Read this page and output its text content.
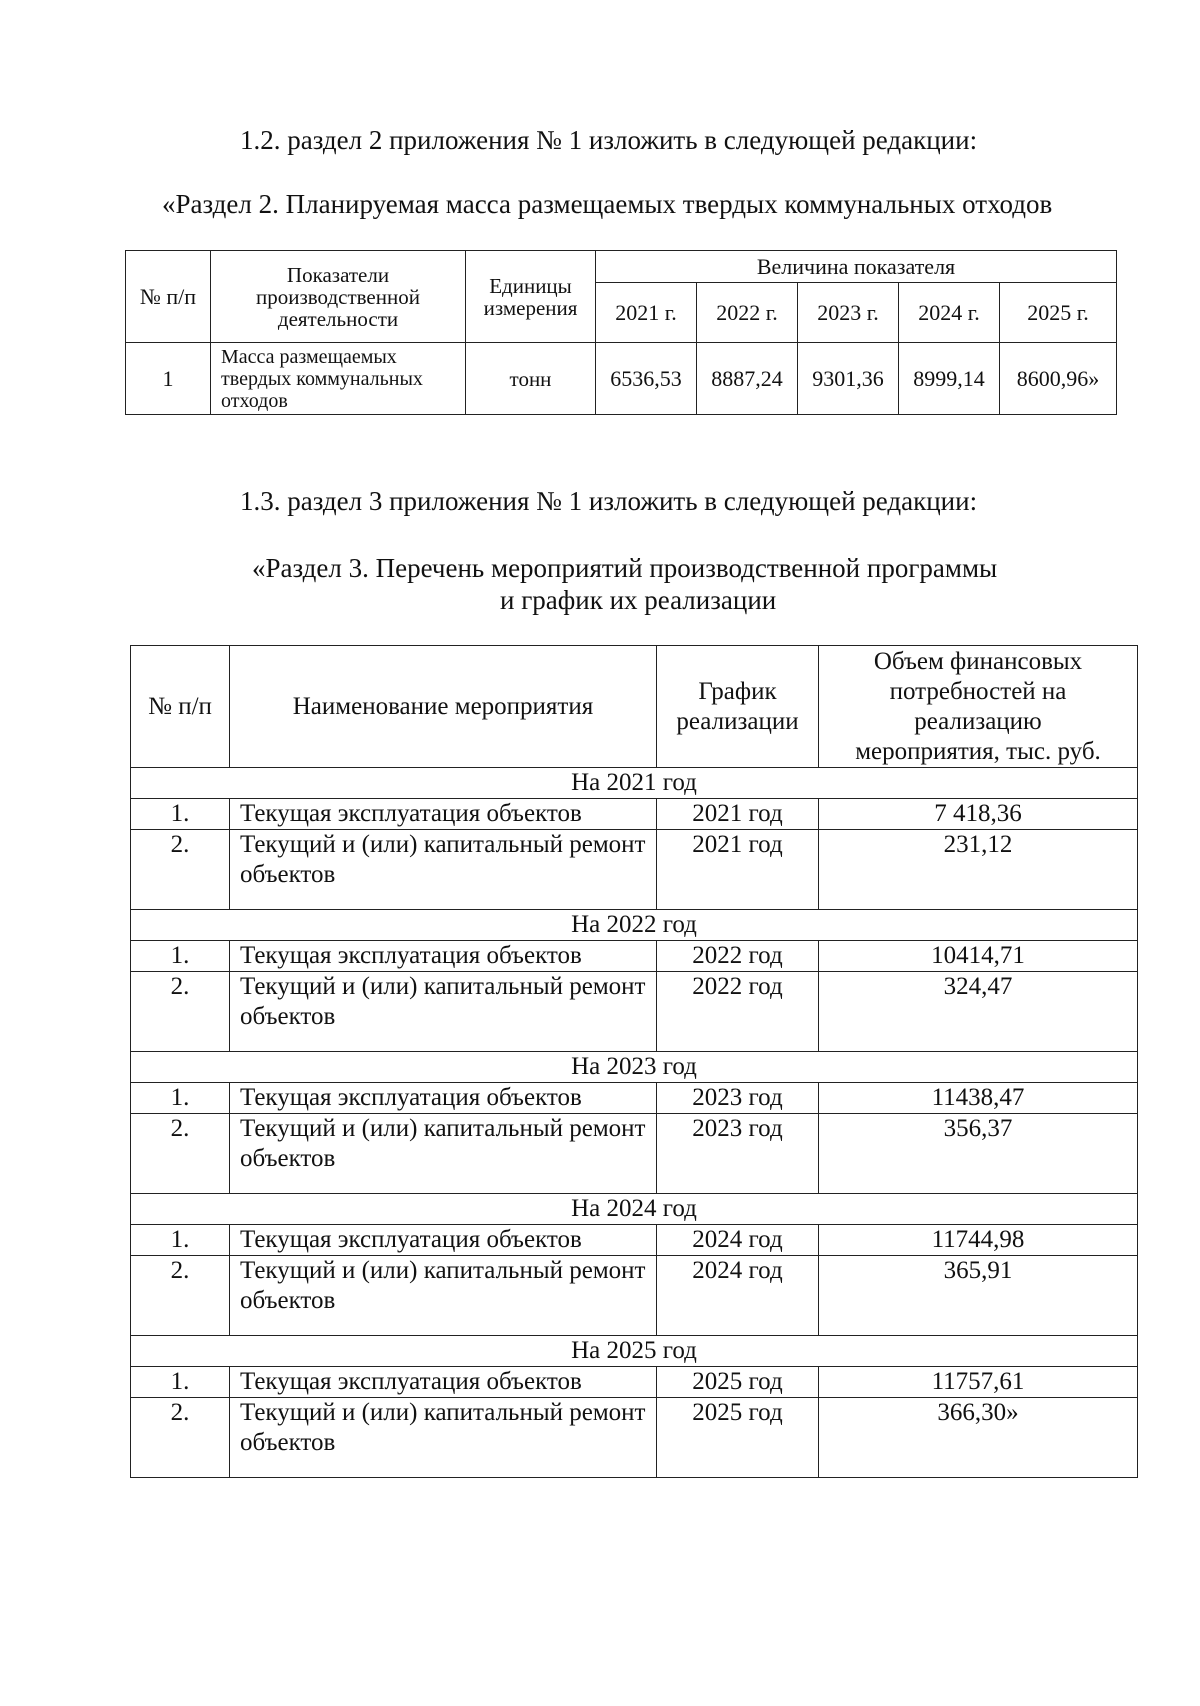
1.2. раздел 2 приложения № 1 изложить в следующей редакции:
«Раздел 2. Планируемая масса размещаемых твердых коммунальных отходов
№ п/п	Показатели производственной деятельности	Единицы измерения	Величина показателя				
			2021 г.	2022 г.	2023 г.	2024 г.	2025 г.
1	Масса размещаемых твердых коммунальных отходов	тонн	6536,53	8887,24	9301,36	8999,14	8600,96»
1.3. раздел 3 приложения № 1 изложить в следующей редакции:
«Раздел 3. Перечень мероприятий производственной программы
и график их реализации
№ п/п	Наименование мероприятия	График реализации	Объем финансовых потребностей на реализацию мероприятия, тыс. руб.
На 2021 год			
1.	Текущая эксплуатация объектов	2021 год	7 418,36
2.	Текущий и (или) капитальный ремонт объектов	2021 год	231,12
На 2022 год			
1.	Текущая эксплуатация объектов	2022 год	10414,71
2.	Текущий и (или) капитальный ремонт объектов	2022 год	324,47
На 2023 год			
1.	Текущая эксплуатация объектов	2023 год	11438,47
2.	Текущий и (или) капитальный ремонт объектов	2023 год	356,37
На 2024 год			
1.	Текущая эксплуатация объектов	2024 год	11744,98
2.	Текущий и (или) капитальный ремонт объектов	2024 год	365,91
На 2025 год			
1.	Текущая эксплуатация объектов	2025 год	11757,61
2.	Текущий и (или) капитальный ремонт объектов	2025 год	366,30»
